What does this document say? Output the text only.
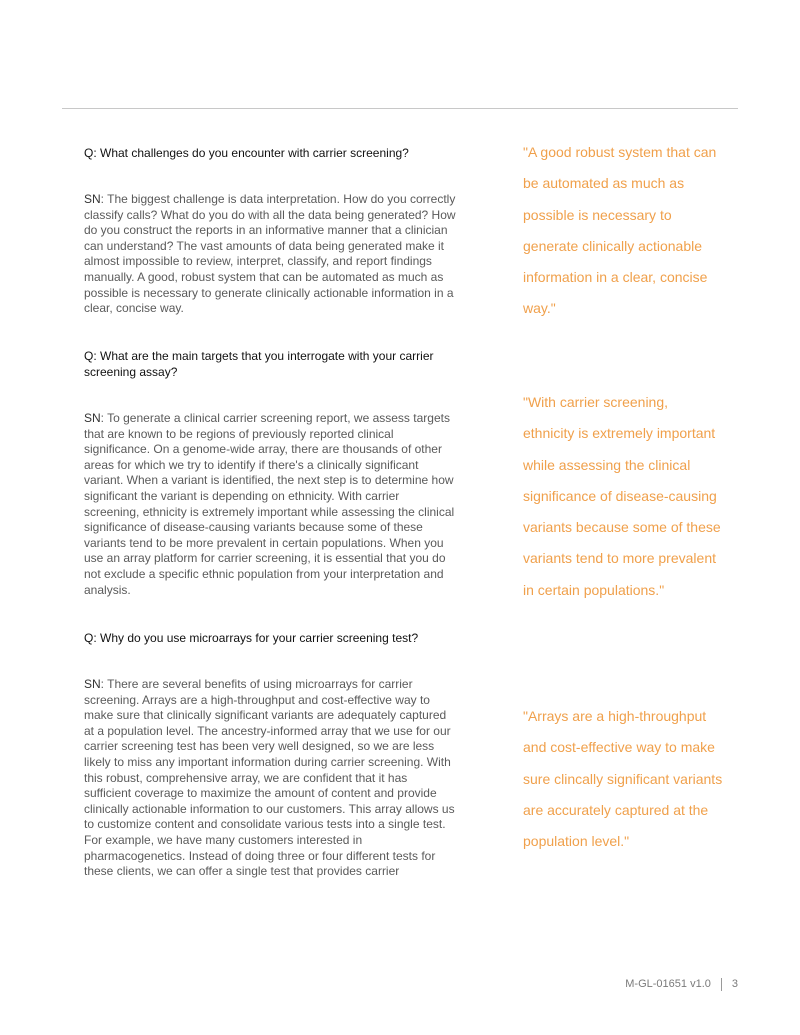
Q: What challenges do you encounter with carrier screening?

SN: The biggest challenge is data interpretation. How do you correctly classify calls? What do you do with all the data being generated? How do you construct the reports in an informative manner that a clinician can understand? The vast amounts of data being generated make it almost impossible to review, interpret, classify, and report findings manually. A good, robust system that can be automated as much as possible is necessary to generate clinically actionable information in a clear, concise way.

Q: What are the main targets that you interrogate with your carrier screening assay?

SN: To generate a clinical carrier screening report, we assess targets that are known to be regions of previously reported clinical significance. On a genome-wide array, there are thousands of other areas for which we try to identify if there's a clinically significant variant. When a variant is identified, the next step is to determine how significant the variant is depending on ethnicity. With carrier screening, ethnicity is extremely important while assessing the clinical significance of disease-causing variants because some of these variants tend to be more prevalent in certain populations. When you use an array platform for carrier screening, it is essential that you do not exclude a specific ethnic population from your interpretation and analysis.

Q: Why do you use microarrays for your carrier screening test?

SN: There are several benefits of using microarrays for carrier screening. Arrays are a high-throughput and cost-effective way to make sure that clinically significant variants are adequately captured at a population level. The ancestry-informed array that we use for our carrier screening test has been very well designed, so we are less likely to miss any important information during carrier screening. With this robust, comprehensive array, we are confident that it has sufficient coverage to maximize the amount of content and provide clinically actionable information to our customers. This array allows us to customize content and consolidate various tests into a single test. For example, we have many customers interested in pharmacogenetics. Instead of doing three or four different tests for these clients, we can offer a single test that provides carrier

"A good robust system that can be automated as much as possible is necessary to generate clinically actionable information in a clear, concise way."

"With carrier screening, ethnicity is extremely important while assessing the clinical significance of disease-causing variants because some of these variants tend to more prevalent in certain populations."

"Arrays are a high-throughput and cost-effective way to make sure clincally significant variants are accurately captured at the population level."

M-GL-01651 v1.0 3
